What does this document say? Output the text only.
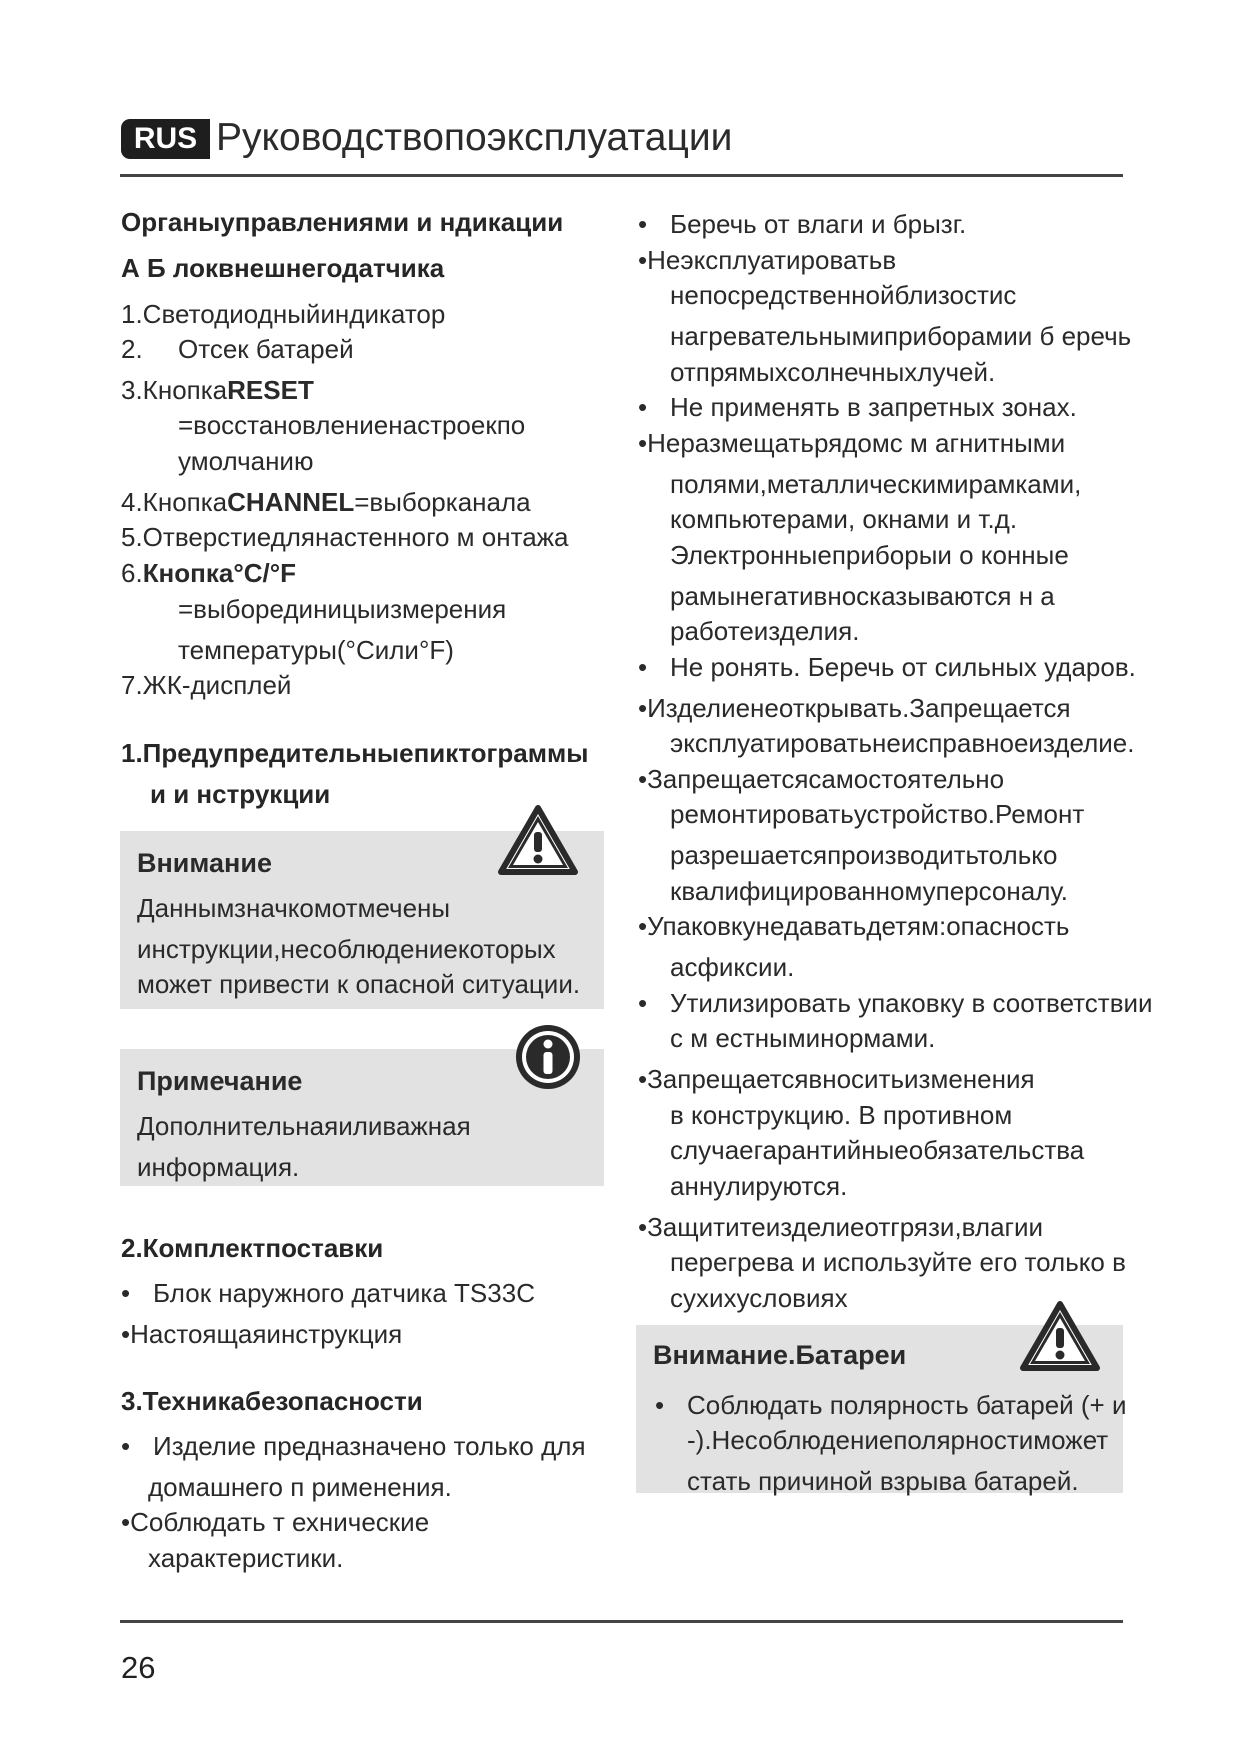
RUS Руководствопоэксплуатации
Органыуправлениями и ндикации
А Б локвнешнегодатчика
1.Светодиодныйиндикатор
2. Отсек батарей
3.КнопкаRESET
=восстановлениенастроекпо
умолчанию
4.КнопкаCHANNEL=выборканала
5.Отверстиедлянастенного м онтажа
6.Кнопка°С/°F
=выборединицыизмерения
температуры(°Сили°F)
7.ЖК-дисплей
1.Предупредительныепиктограммы
и и нструкции
Внимание
Даннымзначкомотмечены
инструкции,несоблюдениекоторых
может привести к опасной ситуации.
Примечание
Дополнительнаяиливажная
информация.
2.Комплектпоставки
• Блок наружного датчика TS33C
•Настоящаяинструкция
3.Техникабезопасности
• Изделие предназначено только для
домашнего п рименения.
•Соблюдать т ехнические
характеристики.
• Беречь от влаги и брызг.
•Неэксплуатироватьв
непосредственнойблизостис
нагревательнымиприборамии б еречь
отпрямыхсолнечныхлучей.
• Не применять в запретных зонах.
•Неразмещатьрядомс м агнитными
полями,металлическимирамками,
компьютерами, окнами и т.д.
Электронныеприборыи о конные
рамынегативносказываются н а
работеизделия.
• Не ронять. Беречь от сильных ударов.
•Изделиенеоткрывать.Запрещается
эксплуатироватьнеисправноеизделие.
•Запрещаетсясамостоятельно
ремонтироватьустройство.Ремонт
разрешаетсяпроизводитьтолько
квалифицированномуперсоналу.
•Упаковкунедаватьдетям:опасность
асфиксии.
• Утилизировать упаковку в соответствии
с м естныминормами.
•Запрещаетсявноситьизменения
в конструкцию. В противном
случаегарантийныеобязательства
аннулируются.
•Защититеизделиеотгрязи,влагии
перегрева и используйте его только в
сухихусловиях
Внимание.Батареи
• Соблюдать полярность батарей (+ и
-).Несоблюдениеполярностиможет
стать причиной взрыва батарей.
26
